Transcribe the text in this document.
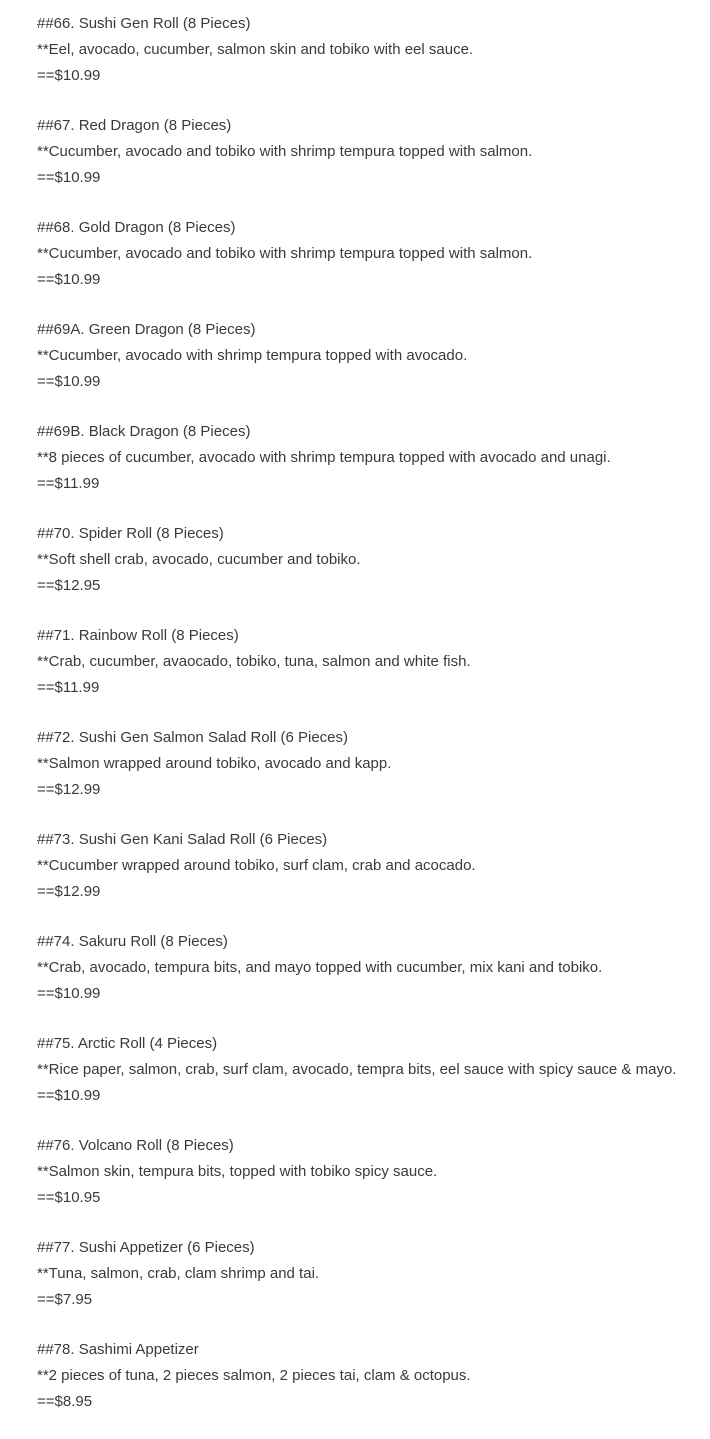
##66. Sushi Gen Roll (8 Pieces)

**Eel, avocado, cucumber, salmon skin and tobiko with eel sauce.

==$10.99

##67. Red Dragon (8 Pieces)

**Cucumber, avocado and tobiko with shrimp tempura topped with salmon.

==$10.99

##68. Gold Dragon (8 Pieces)

**Cucumber, avocado and tobiko with shrimp tempura topped with salmon.

==$10.99

##69A. Green Dragon (8 Pieces)

**Cucumber, avocado with shrimp tempura topped with avocado.

==$10.99

##69B. Black Dragon (8 Pieces)

**8 pieces of cucumber, avocado with shrimp tempura topped with avocado and unagi.

==$11.99

##70. Spider Roll (8 Pieces)

**Soft shell crab, avocado, cucumber and tobiko.

==$12.95

##71. Rainbow Roll (8 Pieces)

**Crab, cucumber, avaocado, tobiko, tuna, salmon and white fish.

==$11.99

##72. Sushi Gen Salmon Salad Roll (6 Pieces)

**Salmon wrapped around tobiko, avocado and kapp.

==$12.99

##73. Sushi Gen Kani Salad Roll (6 Pieces)

**Cucumber wrapped around tobiko, surf clam, crab and acocado.

==$12.99

##74. Sakuru Roll (8 Pieces)

**Crab, avocado, tempura bits, and mayo topped with cucumber, mix kani and tobiko.

==$10.99

##75. Arctic Roll (4 Pieces)

**Rice paper, salmon, crab, surf clam, avocado, tempra bits, eel sauce with spicy sauce & mayo.

==$10.99

##76. Volcano Roll (8 Pieces)

**Salmon skin, tempura bits, topped with tobiko spicy sauce.

==$10.95

##77. Sushi Appetizer (6 Pieces)

**Tuna, salmon, crab, clam shrimp and tai.

==$7.95

##78. Sashimi Appetizer

**2 pieces of tuna, 2 pieces salmon, 2 pieces tai, clam & octopus.

==$8.95
